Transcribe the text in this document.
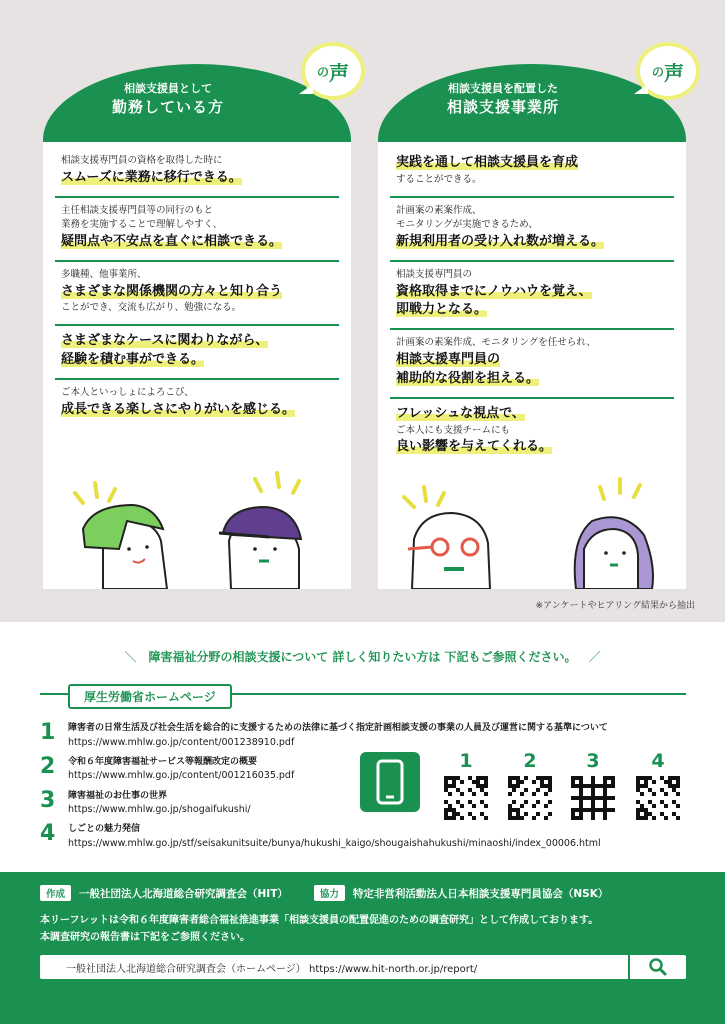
相談支援員として
勤務している方
の 声
相談支援専門員の資格を取得した時に
スムーズに業務に移行できる。
主任相談支援専門員等の同行のもと
業務を実施することで理解しやすく、
疑問点や不安点を直ぐに相談できる。
多職種、他事業所、
さまざまな関係機関の方々と知り合う
ことができ、交流も広がり、勉強になる。
さまざまなケースに関わりながら、
経験を積む事ができる。
ご本人といっしょによろこび、
成長できる楽しさにやりがいを感じる。
相談支援員を配置した
相談支援事業所
の 声
実践を通して相談支援員を育成
することができる。
計画案の素案作成、
モニタリングが実施できるため、
新規利用者の受け入れ数が増える。
相談支援専門員の
資格取得までにノウハウを覚え、
即戦力となる。
計画案の素案作成、モニタリングを任せられ、
相談支援専門員の
補助的な役割を担える。
フレッシュな視点で、
ご本人にも支援チームにも
良い影響を与えてくれる。
※アンケートやヒアリング結果から抽出
＼ 障害福祉分野の相談支援について 詳しく知りたい方は 下記もご参照ください。 ／
厚生労働省ホームページ
1 障害者の日常生活及び社会生活を総合的に支援するための法律に基づく指定計画相談支援の事業の人員及び運営に関する基準について
https://www.mhlw.go.jp/content/001238910.pdf
2 令和６年度障害福祉サービス等報酬改定の概要
https://www.mhlw.go.jp/content/001216035.pdf
3 障害福祉のお仕事の世界
https://www.mhlw.go.jp/shogaifukushi/
4 しごとの魅力発信
https://www.mhlw.go.jp/stf/seisakunitsuite/bunya/hukushi_kaigo/shougaishahukushi/minaoshi/index_00006.html
1	2	3	4
作成	一般社団法人北海道総合研究調査会（HIT）	協力	特定非営利活動法人日本相談支援専門員協会（NSK）
本リーフレットは令和６年度障害者総合福祉推進事業「相談支援員の配置促進のための調査研究」として作成しております。
本調査研究の報告書は下記をご参照ください。
一般社団法人北海道総合研究調査会（ホームページ） https://www.hit-north.or.jp/report/
